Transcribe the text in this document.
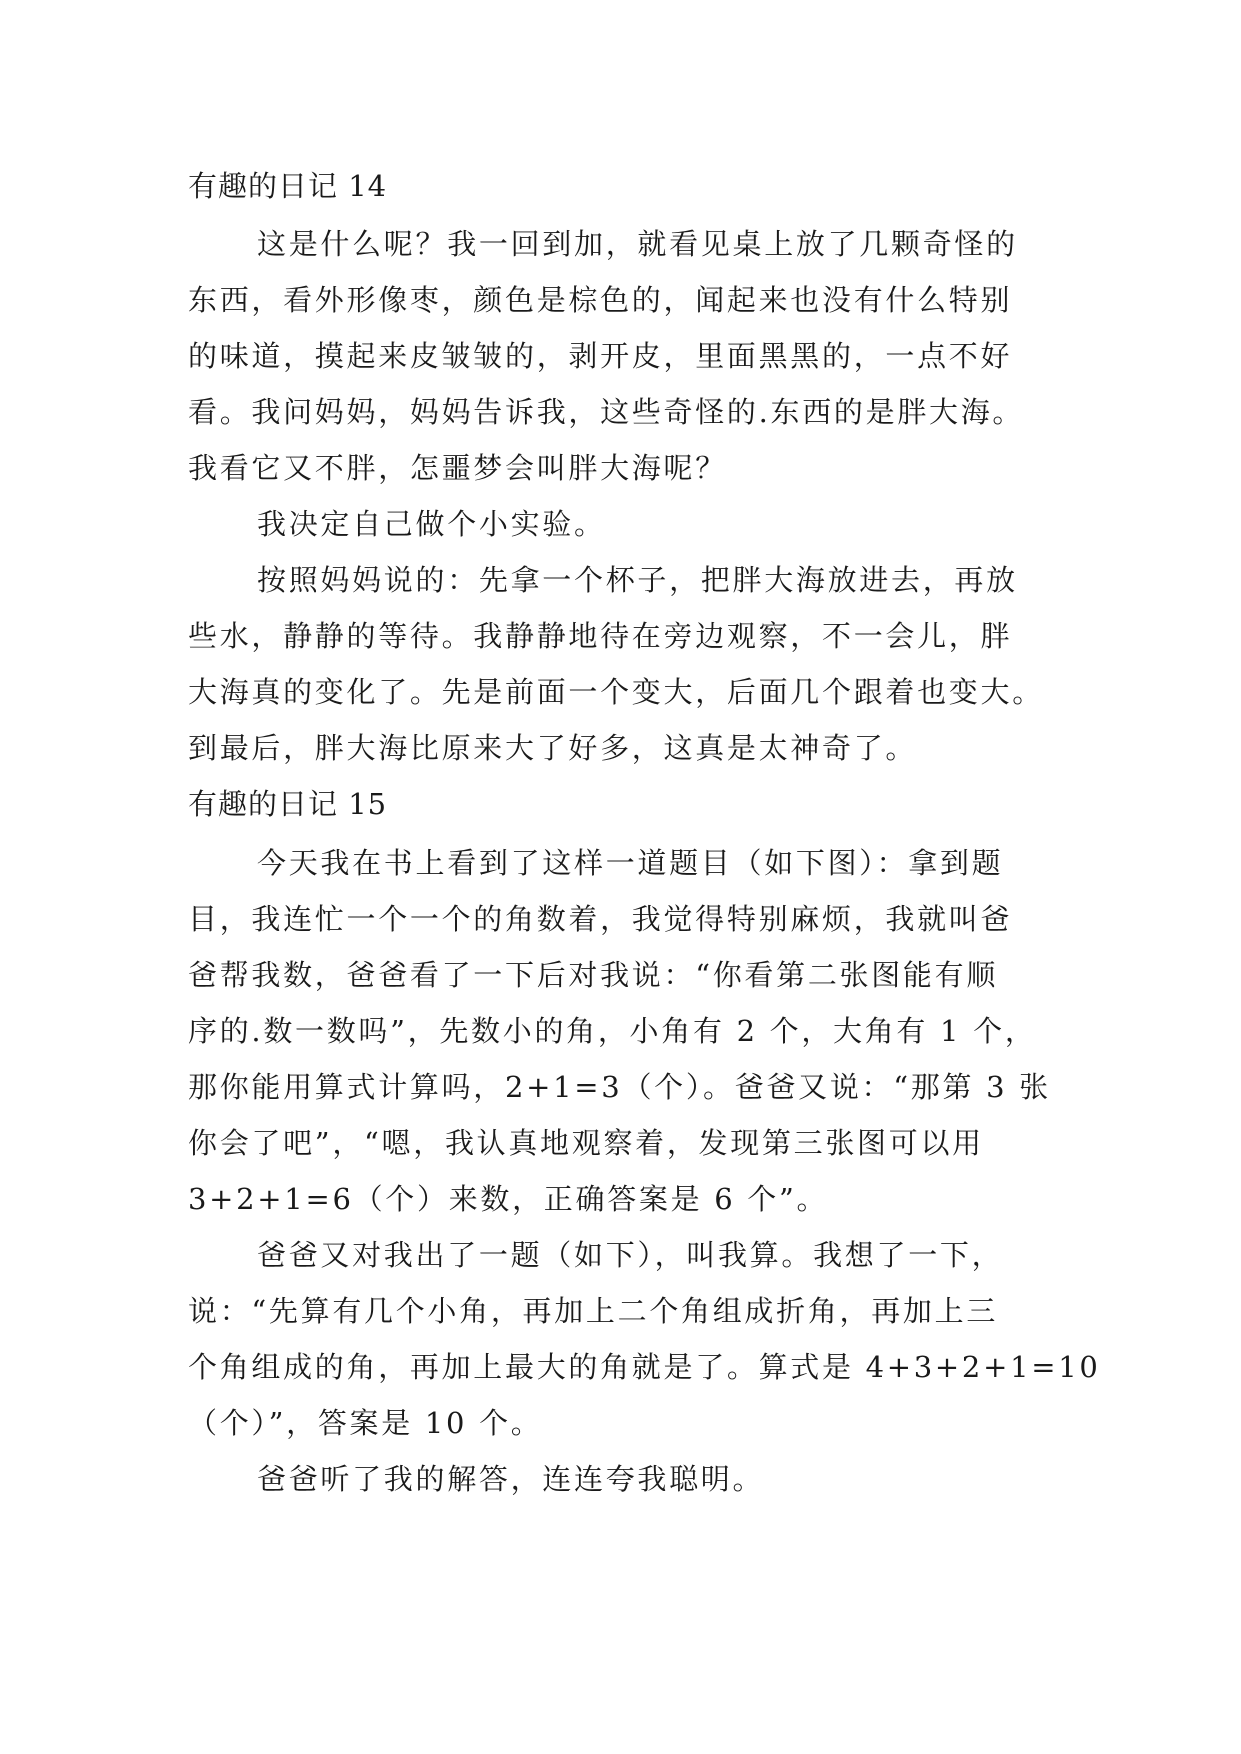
有趣的日记 14
这是什么呢？我一回到加，就看见桌上放了几颗奇怪的
东西，看外形像枣，颜色是棕色的，闻起来也没有什么特别
的味道，摸起来皮皱皱的，剥开皮，里面黑黑的，一点不好
看。我问妈妈，妈妈告诉我，这些奇怪的.东西的是胖大海。
我看它又不胖，怎噩梦会叫胖大海呢？
我决定自己做个小实验。
按照妈妈说的：先拿一个杯子，把胖大海放进去，再放
些水，静静的等待。我静静地待在旁边观察，不一会儿，胖
大海真的变化了。先是前面一个变大，后面几个跟着也变大。
到最后，胖大海比原来大了好多，这真是太神奇了。
有趣的日记 15
今天我在书上看到了这样一道题目（如下图）：拿到题
目，我连忙一个一个的角数着，我觉得特别麻烦，我就叫爸
爸帮我数，爸爸看了一下后对我说：“你看第二张图能有顺
序的.数一数吗”，先数小的角，小角有 2 个，大角有 1 个，
那你能用算式计算吗，2+1=3（个）。爸爸又说：“那第 3 张
你会了吧”，“嗯，我认真地观察着，发现第三张图可以用
3+2+1=6（个）来数，正确答案是 6 个”。
爸爸又对我出了一题（如下），叫我算。我想了一下，
说：“先算有几个小角，再加上二个角组成折角，再加上三
个角组成的角，再加上最大的角就是了。算式是 4+3+2+1=10
（个）”，答案是 10 个。
爸爸听了我的解答，连连夸我聪明。
